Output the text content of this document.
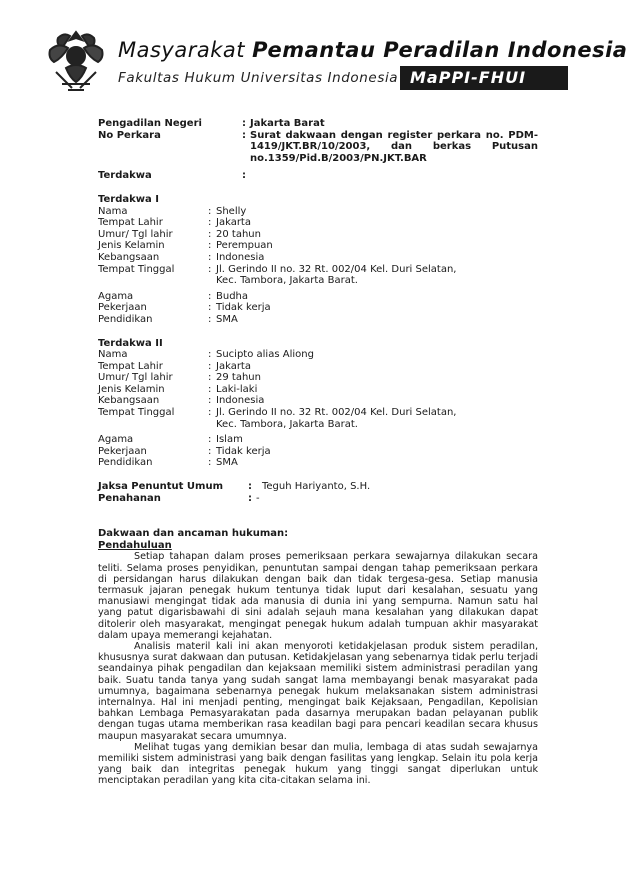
Masyarakat Pemantau Peradilan Indonesia
Fakultas Hukum Universitas Indonesia MaPPI-FHUI
Pengadilan Negeri	: Jakarta Barat
No Perkara	: Surat dakwaan dengan register perkara no. PDM-1419/JKT.BR/10/2003, dan berkas Putusan no.1359/Pid.B/2003/PN.JKT.BAR
Terdakwa	:
Terdakwa I
Nama	: Shelly
Tempat Lahir	: Jakarta
Umur/ Tgl lahir	: 20 tahun
Jenis Kelamin	: Perempuan
Kebangsaan	: Indonesia
Tempat Tinggal	: Jl. Gerindo II no. 32 Rt. 002/04 Kel. Duri Selatan,
Kec. Tambora, Jakarta Barat.
Agama	: Budha
Pekerjaan	: Tidak kerja
Pendidikan	: SMA
Terdakwa II
Nama	: Sucipto alias Aliong
Tempat Lahir	: Jakarta
Umur/ Tgl lahir	: 29 tahun
Jenis Kelamin	: Laki-laki
Kebangsaan	: Indonesia
Tempat Tinggal	: Jl. Gerindo II no. 32 Rt. 002/04 Kel. Duri Selatan,
Kec. Tambora, Jakarta Barat.
Agama	: Islam
Pekerjaan	: Tidak kerja
Pendidikan	: SMA
Jaksa Penuntut Umum	:	Teguh Hariyanto, S.H.
Penahanan	: -
Dakwaan dan ancaman hukuman:
Pendahuluan

Setiap tahapan dalam proses pemeriksaan perkara sewajarnya dilakukan secara teliti. Selama proses penyidikan, penuntutan sampai dengan tahap pemeriksaan perkara di persidangan harus dilakukan dengan baik dan tidak tergesa-gesa. Setiap manusia termasuk jajaran penegak hukum tentunya tidak luput dari kesalahan, sesuatu yang manusiawi mengingat tidak ada manusia di dunia ini yang sempurna. Namun satu hal yang patut digarisbawahi di sini adalah sejauh mana kesalahan yang dilakukan dapat ditolerir oleh masyarakat, mengingat penegak hukum adalah tumpuan akhir masyarakat dalam upaya memerangi kejahatan.

Analisis materil kali ini akan menyoroti ketidakjelasan produk sistem peradilan, khususnya surat dakwaan dan putusan. Ketidakjelasan yang sebenarnya tidak perlu terjadi seandainya pihak pengadilan dan kejaksaan memiliki sistem administrasi peradilan yang baik. Suatu tanda tanya yang sudah sangat lama membayangi benak masyarakat pada umumnya, bagaimana sebenarnya penegak hukum melaksanakan sistem administrasi internalnya. Hal ini menjadi penting, mengingat baik Kejaksaan, Pengadilan, Kepolisian bahkan Lembaga Pemasyarakatan pada dasarnya merupakan badan pelayanan publik dengan tugas utama memberikan rasa keadilan bagi para pencari keadilan secara khusus maupun masyarakat secara umumnya.

Melihat tugas yang demikian besar dan mulia, lembaga di atas sudah sewajarnya memiliki sistem administrasi yang baik dengan fasilitas yang lengkap. Selain itu pola kerja yang baik dan integritas penegak hukum yang tinggi sangat diperlukan untuk menciptakan peradilan yang kita cita-citakan selama ini.
